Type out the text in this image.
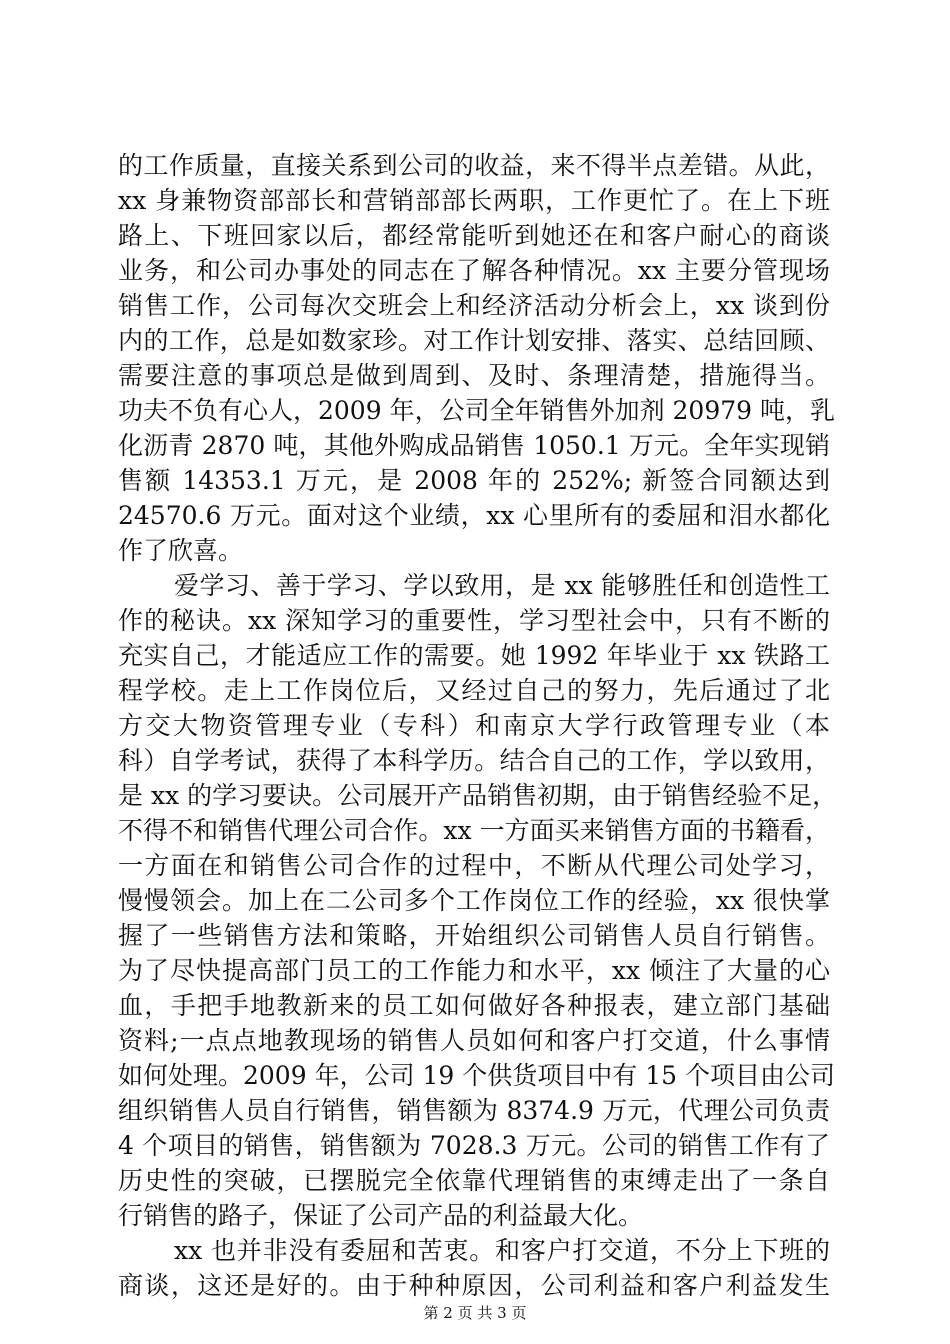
的工作质量，直接关系到公司的收益，来不得半点差错。从此，
xx 身兼物资部部长和营销部部长两职，工作更忙了。在上下班
路上、下班回家以后，都经常能听到她还在和客户耐心的商谈
业务，和公司办事处的同志在了解各种情况。xx 主要分管现场
销售工作，公司每次交班会上和经济活动分析会上，xx 谈到份
内的工作，总是如数家珍。对工作计划安排、落实、总结回顾、
需要注意的事项总是做到周到、及时、条理清楚，措施得当。
功夫不负有心人，2009 年，公司全年销售外加剂 20979 吨，乳
化沥青 2870 吨，其他外购成品销售 1050.1 万元。全年实现销
售额 14353.1 万元，是 2008 年的 252%; 新签合同额达到
24570.6 万元。面对这个业绩，xx 心里所有的委屈和泪水都化
作了欣喜。
爱学习、善于学习、学以致用，是 xx 能够胜任和创造性工
作的秘诀。xx 深知学习的重要性，学习型社会中，只有不断的
充实自己，才能适应工作的需要。她 1992 年毕业于 xx 铁路工
程学校。走上工作岗位后，又经过自己的努力，先后通过了北
方交大物资管理专业（专科）和南京大学行政管理专业（本
科）自学考试，获得了本科学历。结合自己的工作，学以致用，
是 xx 的学习要诀。公司展开产品销售初期，由于销售经验不足，
不得不和销售代理公司合作。xx 一方面买来销售方面的书籍看，
一方面在和销售公司合作的过程中，不断从代理公司处学习，
慢慢领会。加上在二公司多个工作岗位工作的经验，xx 很快掌
握了一些销售方法和策略，开始组织公司销售人员自行销售。
为了尽快提高部门员工的工作能力和水平，xx 倾注了大量的心
血，手把手地教新来的员工如何做好各种报表，建立部门基础
资料;一点点地教现场的销售人员如何和客户打交道，什么事情
如何处理。2009 年，公司 19 个供货项目中有 15 个项目由公司
组织销售人员自行销售，销售额为 8374.9 万元，代理公司负责
4 个项目的销售，销售额为 7028.3 万元。公司的销售工作有了
历史性的突破，已摆脱完全依靠代理销售的束缚走出了一条自
行销售的路子，保证了公司产品的利益最大化。
xx 也并非没有委屈和苦衷。和客户打交道，不分上下班的
商谈，这还是好的。由于种种原因，公司利益和客户利益发生
第 2 页 共 3 页
